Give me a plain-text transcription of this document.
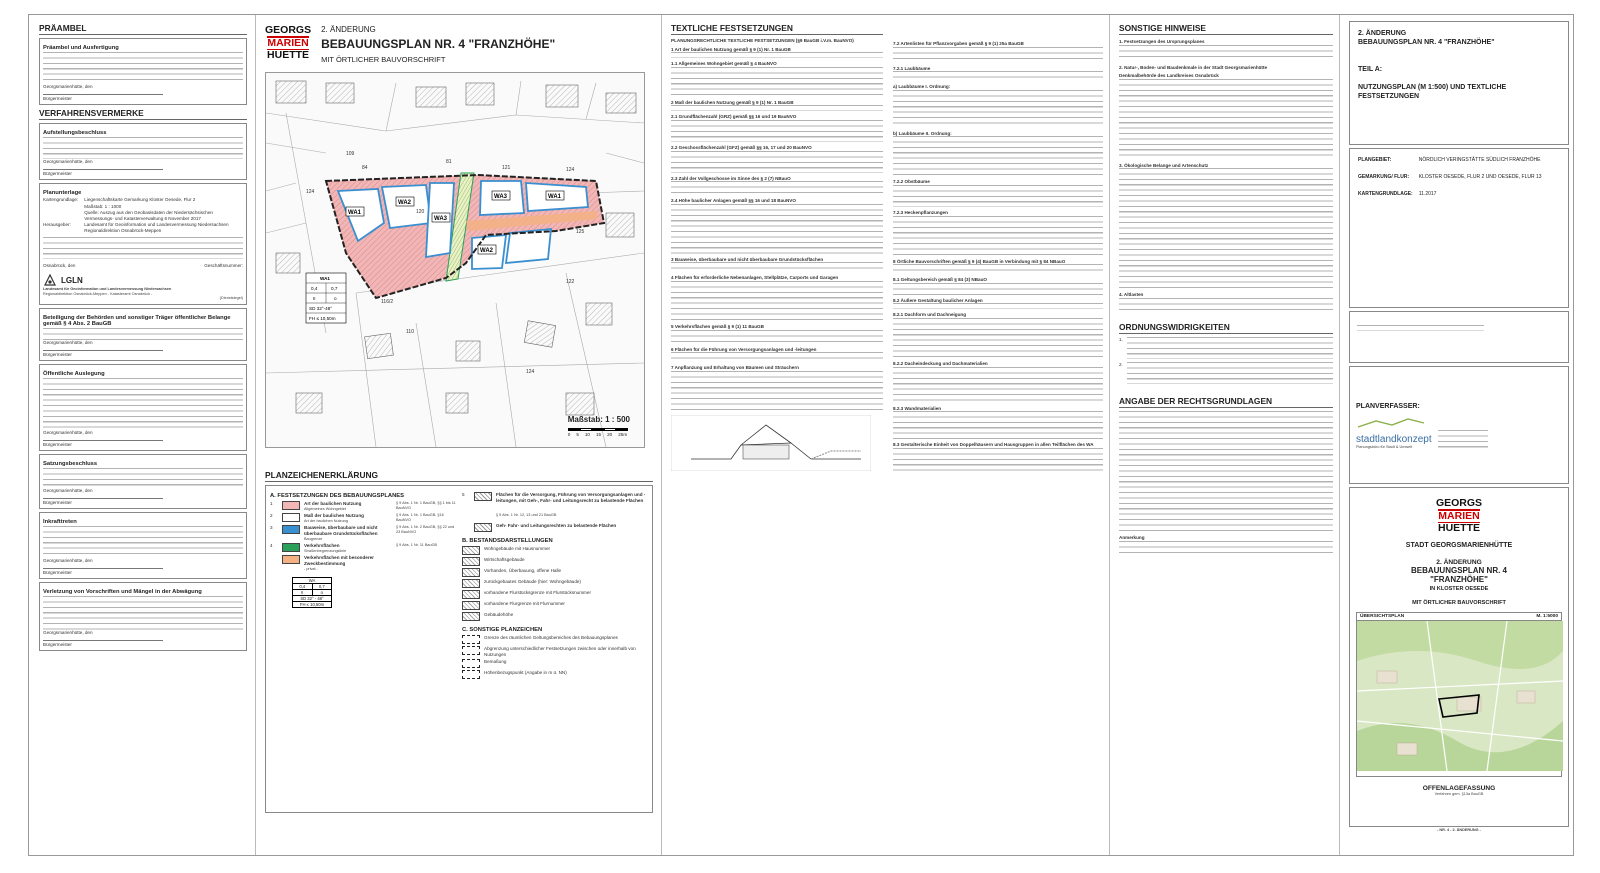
PRÄAMBEL
Präambel und Ausfertigung
Georgsmarienhütte, den
Bürgermeister
VERFAHRENSVERMERKE
Aufstellungsbeschluss
Georgsmarienhütte, den
Bürgermeister
Planunterlage
Kartengrundlage: Liegenschaftskarte Gemarkung Kloster Oesede, Flur 2
Maßstab: 1 : 1000
Quelle: Auszug aus den Geobasisdaten der Niedersächsischen Vermessungs- und Katasterverwaltung 6 November 2017
Herausgeber:	Landesamt für Geoinformation und Landesvermessung Niedersachsen Regionaldirektion Osnabrück-Meppen
Osnabrück, den	Geschäftsnummer:
LGLN
Landesamt für Geoinformation und Landesvermessung Niedersachsen
Regionaldirektion Osnabrück-Meppen - Katasteramt Osnabrück -
(Dienstsiegel)
Beteiligung der Behörden und sonstiger Träger öffentlicher Belange gemäß § 4 Abs. 2 BauGB
Georgsmarienhütte, den
Bürgermeister
Öffentliche Auslegung
Georgsmarienhütte, den
Bürgermeister
Satzungsbeschluss
Georgsmarienhütte, den
Bürgermeister
Inkrafttreten
Georgsmarienhütte, den
Bürgermeister
Verletzung von Vorschriften und Mängel in der Abwägung
Georgsmarienhütte, den
Bürgermeister
GEORGS
MARIEN
HUETTE
2. ÄNDERUNG
BEBAUUNGSPLAN NR. 4 "FRANZHÖHE"
MIT ÖRTLICHER BAUVORSCHRIFT
WA1
WA2
WA3
WA3	WA1
WA2
84
81
120
109
121	124
125
110
116/2
122
124
124
WA1
0,4	0,7
II	o
SD 32°-48°
FH ≤ 10,50m
Maßstab: 1 : 500
0 5 10 15 20 25m
PLANZEICHENERKLÄRUNG
A. FESTSETZUNGEN DES BEBAUUNGSPLANES
1	Art der baulichen Nutzung
Allgemeines Wohngebiet
§ 9 Abs. 1 Nr. 1 BauGB, §§ 1 bis 11 BauNVO
2	Maß der baulichen Nutzung
Art der baulichen Nutzung
§ 9 Abs. 1 Nr. 1 BauGB, §16 BauNVO
3	Bauweise, überbaubare und nicht überbaubare Grundstücksflächen
Baugrenze
§ 9 Abs. 1 Nr. 2 BauGB, §§ 22 und 23 BauNVO
4	Verkehrsflächen
Straßenbegrenzungslinie
§ 9 Abs. 1 Nr. 11 BauGB
Verkehrsflächen mit besonderer Zweckbestimmung
- privat -
WA
0,4	0,7
II	o
SD 32° - 48°
FH ≤ 10,50m
5	Flächen für die Versorgung, Führung von Versorgungsanlagen und -leitungen, mit Geh-, Fahr- und Leitungsrecht zu belastende Flächen
§ 9 Abs. 1 Nr. 12, 13 und 21 BauGB
Geh- Fahr- und Leitungsrechten zu belastende Flächen
B. BESTANDSDARSTELLUNGEN
Wohngebäude mit Hausnummer
Wirtschaftsgebäude
Vorhanden, Überbauung, offene Halle
zurückgebautes Gebäude (hier: Wohngebäude)
vorhandene Flurstücksgrenze mit Flurstücksnummer
vorhandene Flurgrenze mit Flurnummer
Gebäudehöhe
C. SONSTIGE PLANZEICHEN
Grenze des räumlichen Geltungsbereiches des Bebauungsplanes
Abgrenzung unterschiedlicher Festsetzungen zwischen oder innerhalb von Nutzungen
Bemaßung
Höhenbezugspunkt (Angabe in m ü. NN)
TEXTLICHE FESTSETZUNGEN
PLANUNGSRECHTLICHE TEXTLICHE FESTSETZUNGEN (§9 BauGB i.V.m. BauNVO)
1 Art der baulichen Nutzung gemäß § 9 (1) Nr. 1 BauGB
1.1 Allgemeines Wohngebiet gemäß § 4 BauNVO
2 Maß der baulichen Nutzung gemäß § 9 (1) Nr. 1 BauGB
2.1 Grundflächenzahl (GRZ) gemäß §§ 16 und 19 BauNVO
2.2 Geschossflächenzahl (GFZ) gemäß §§ 16, 17 und 20 BauNVO
2.3 Zahl der Vollgeschosse im Sinne des § 2 (7) NBauO
2.4 Höhe baulicher Anlagen gemäß §§ 16 und 18 BauNVO
3 Bauweise, überbaubare und nicht überbaubare Grundstücksflächen
4 Flächen für erforderliche Nebenanlagen, Stellplätze, Carports und Garagen
5 Verkehrsflächen gemäß § 9 (1) 11 BauGB
6 Flächen für die Führung von Versorgungsanlagen und -leitungen
7 Anpflanzung und Erhaltung von Bäumen und Sträuchern
7.2 Artenlisten für Pflanzvorgaben gemäß § 9 (1) 25a BauGB
7.2.1 Laubbäume
a) Laubbäume I. Ordnung:
b) Laubbäume II. Ordnung:
7.2.2 Obstbäume
7.2.3 Heckenpflanzungen
8 Örtliche Bauvorschriften gemäß § 9 (4) BauGB in Verbindung mit § 84 NBauO
8.1 Geltungsbereich gemäß § 84 (3) NBauO
8.2 Äußere Gestaltung baulicher Anlagen
8.2.1 Dachform und Dachneigung
8.2.2 Dacheindeckung und Dachmaterialien
8.2.3 Wandmaterialien
8.3 Gestalterische Einheit von Doppelhäusern und Hausgruppen in allen Teilflächen des WA
SONSTIGE HINWEISE
1. Festsetzungen des Ursprungsplanes
2. Natur-, Boden- und Baudenkmale in der Stadt Georgsmarienhütte
Denkmalbehörde des Landkreises Osnabrück
3. Ökologische Belange und Artenschutz
4. Altlasten
ORDNUNGSWIDRIGKEITEN
1.
2.
ANGABE DER RECHTSGRUNDLAGEN
Anmerkung
2. ÄNDERUNG
BEBAUUNGSPLAN NR. 4 "FRANZHÖHE"
TEIL A:
NUTZUNGSPLAN (M 1:500) UND TEXTLICHE FESTSETZUNGEN
PLANGEBIET:	NÖRDLICH VERINGSTÄTTE SÜDLICH FRANZHÖHE
GEMARKUNG/ FLUR:	KLOSTER OESEDE, FLUR 2 UND OESEDE, FLUR 13
KARTENGRUNDLAGE: 11.2017
PLANVERFASSER:
stadtlandkonzept
Planungsbüro für Stadt & Umwelt
GEORGS
MARIEN
HUETTE
STADT GEORGSMARIENHÜTTE
2. ÄNDERUNG
BEBAUUNGSPLAN NR. 4
"FRANZHÖHE"
IN KLOSTER OESEDE
MIT ÖRTLICHER BAUVORSCHRIFT
ÜBERSICHTSPLAN	M. 1:5000
OFFENLAGEFASSUNG
Verfahren gem. §13a BauGB
- NR. 4 - 2. ÄNDERUNG -
